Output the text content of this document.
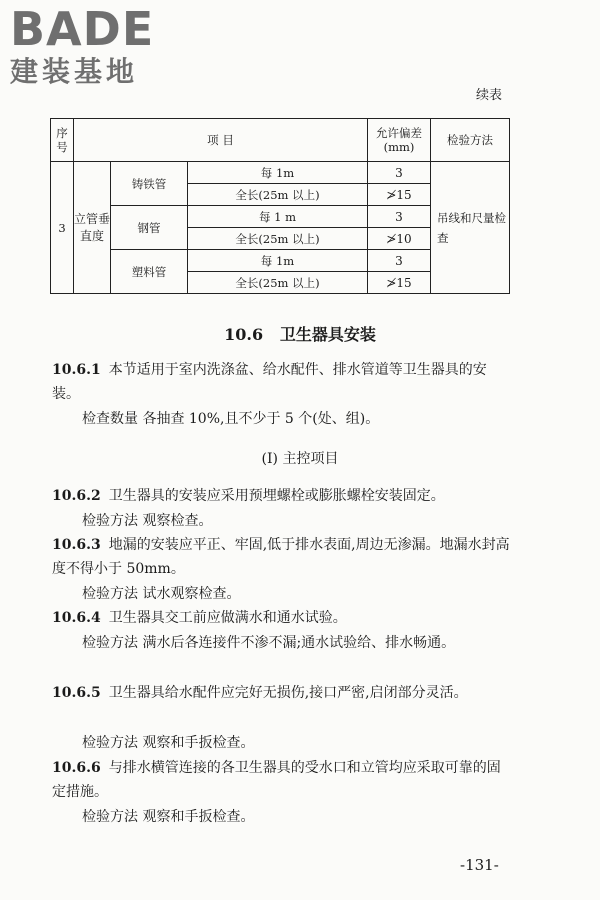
BADE
建装基地
续表
序号	项 目			允许偏差(mm)	检验方法
3	立管垂直度	铸铁管	每 1m	3	吊线和尺量检查
			全长(25m 以上)	≯15	
		钢管	每 1 m	3	
			全长(25m 以上)	≯10	
		塑料管	每 1m	3	
			全长(25m 以上)	≯15	
10.6 卫生器具安装
10.6.1 本节适用于室内洗涤盆、给水配件、排水管道等卫生器具的安装。
检查数量 各抽查 10%,且不少于 5 个(处、组)。
(Ⅰ) 主控项目
10.6.2 卫生器具的安装应采用预埋螺栓或膨胀螺栓安装固定。
检验方法 观察检查。
10.6.3 地漏的安装应平正、牢固,低于排水表面,周边无渗漏。地漏水封高度不得小于 50mm。
检验方法 试水观察检查。
10.6.4 卫生器具交工前应做满水和通水试验。
检验方法 满水后各连接件不渗不漏;通水试验给、排水畅通。
10.6.5 卫生器具给水配件应完好无损伤,接口严密,启闭部分灵活。
检验方法 观察和手扳检查。
10.6.6 与排水横管连接的各卫生器具的受水口和立管均应采取可靠的固定措施。
检验方法 观察和手扳检查。
-131-
